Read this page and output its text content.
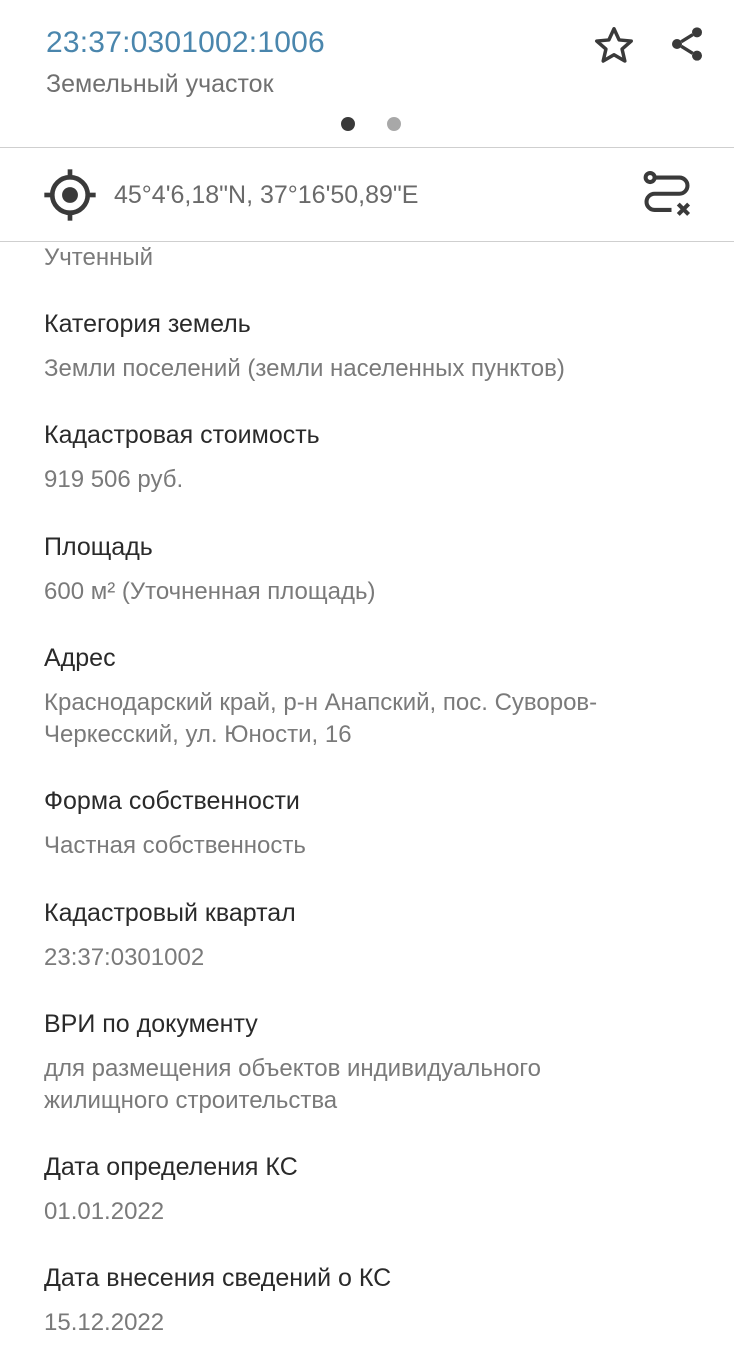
23:37:0301002:1006
Земельный участок
45°4'6,18"N, 37°16'50,89"E
Учтенный
Категория земель
Земли поселений (земли населенных пунктов)
Кадастровая стоимость
919 506 руб.
Площадь
600 м² (Уточненная площадь)
Адрес
Краснодарский край, р-н Анапский, пос. Суворов-Черкесский, ул. Юности, 16
Форма собственности
Частная собственность
Кадастровый квартал
23:37:0301002
ВРИ по документу
для размещения объектов индивидуального жилищного строительства
Дата определения КС
01.01.2022
Дата внесения сведений о КС
15.12.2022
